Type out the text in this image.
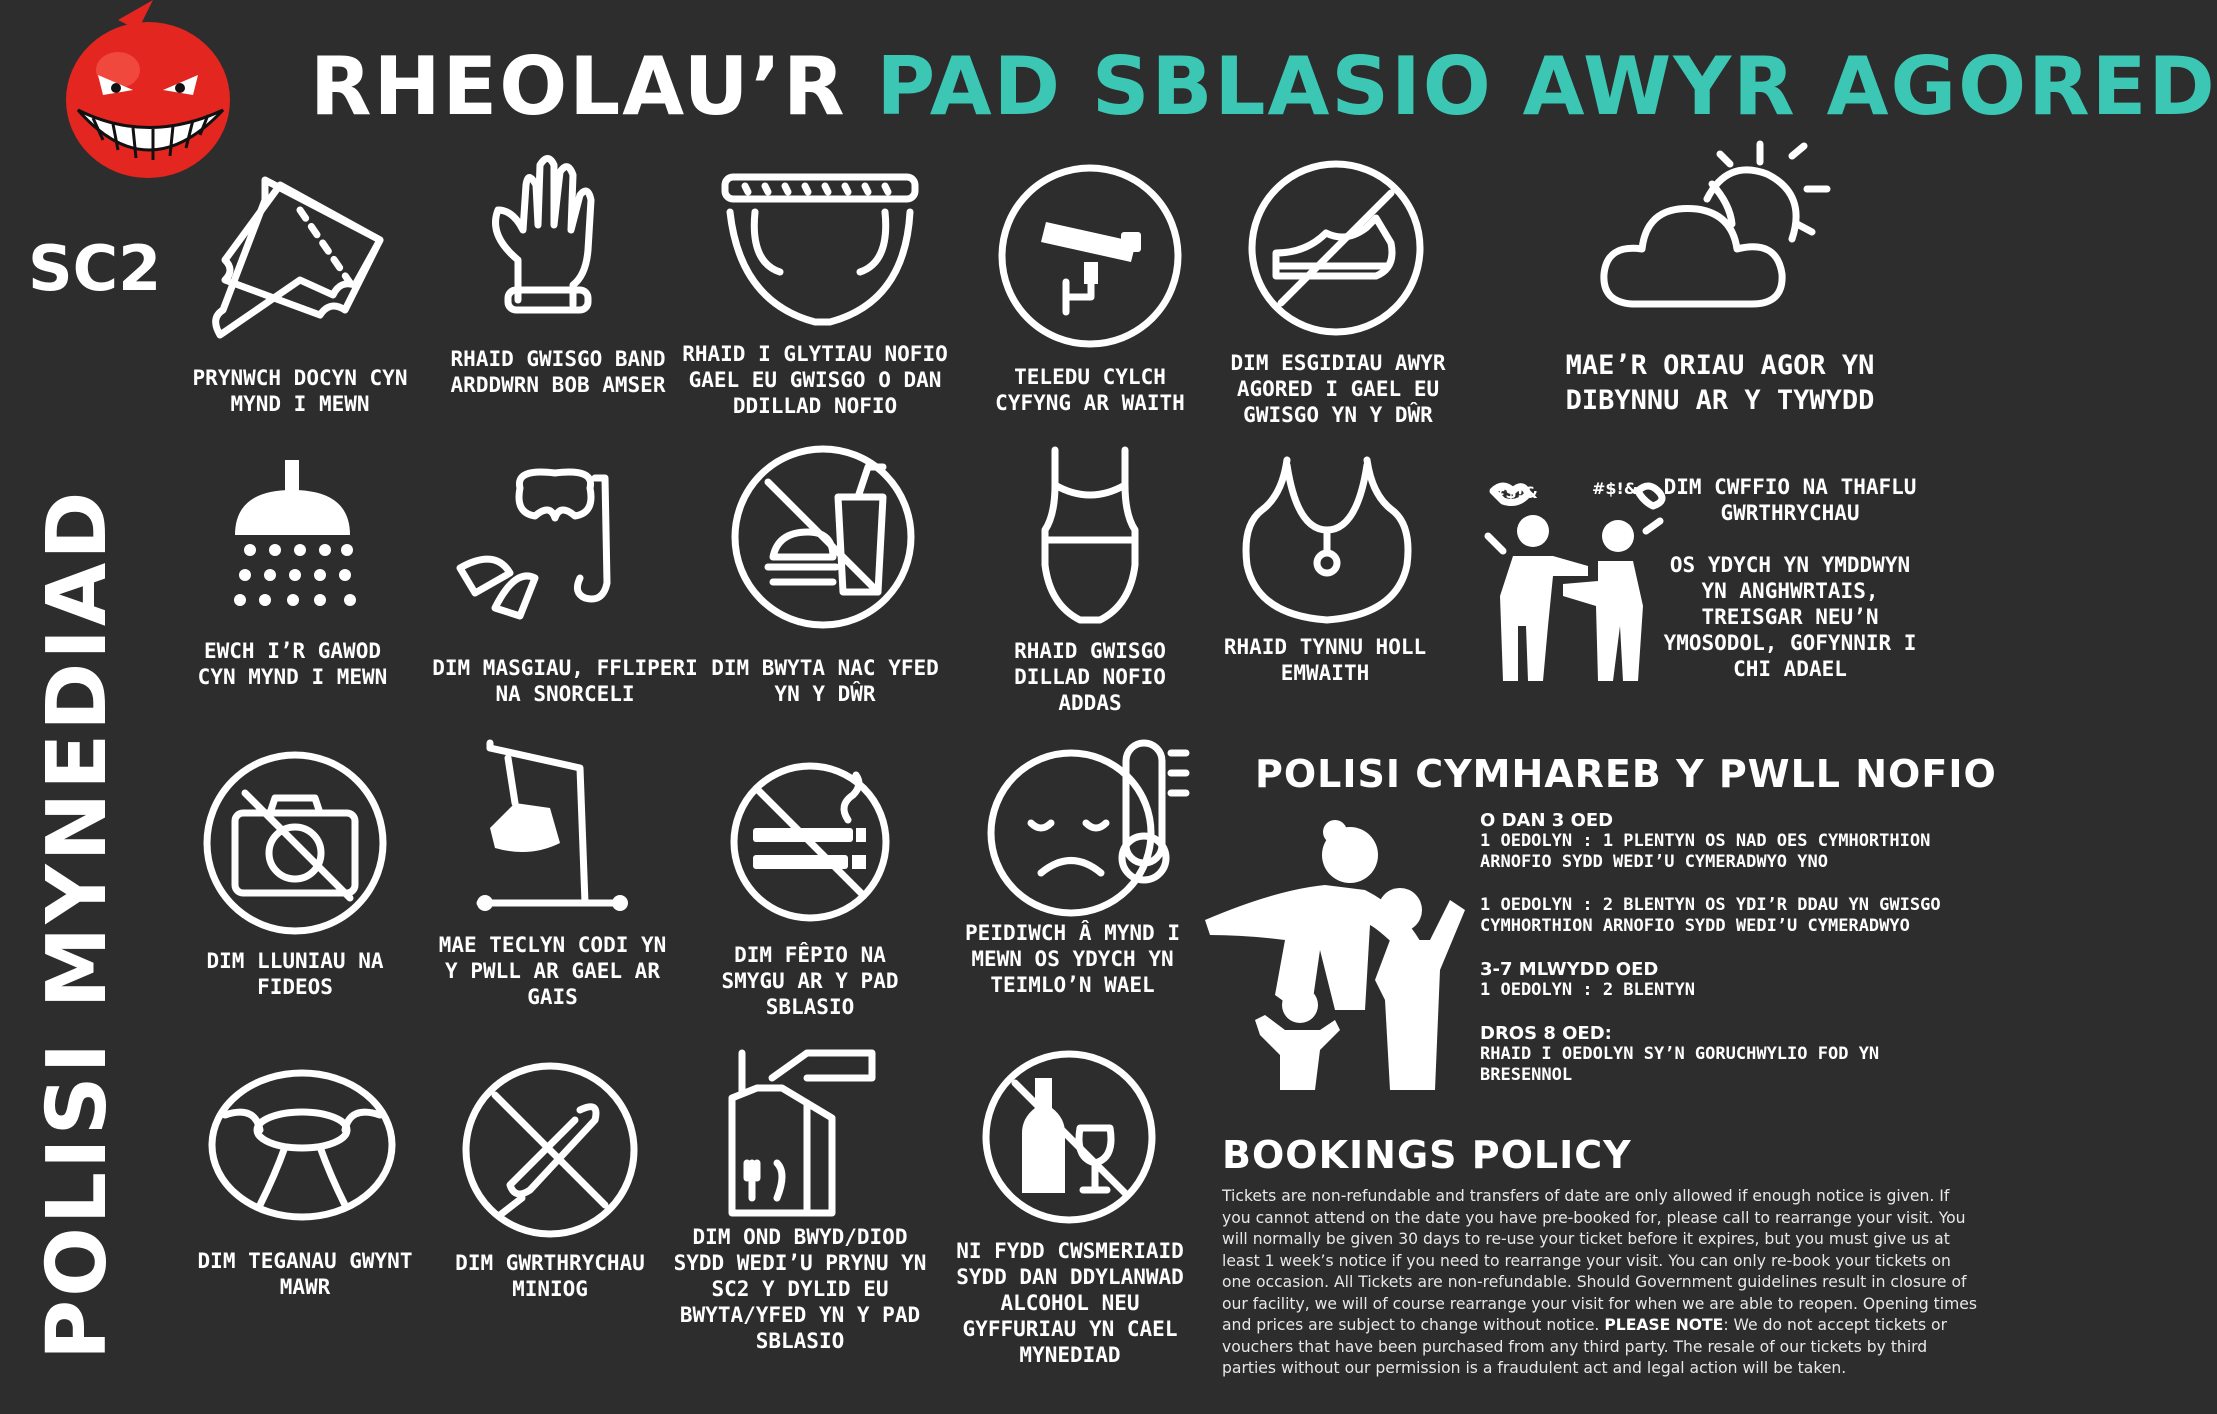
RHEOLAU’R PAD SBLASIO AWYR AGORED
SC2
POLISI MYNEDIAD
PRYNWCH DOCYN CYN MYND I MEWN
RHAID GWISGO BAND ARDDWRN BOB AMSER
RHAID I GLYTIAU NOFIO GAEL EU GWISGO O DAN DDILLAD NOFIO
TELEDU CYLCH CYFYNG AR WAITH
DIM ESGIDIAU AWYR AGORED I GAEL EU GWISGO YN Y DŴR
MAE’R ORIAU AGOR YN DIBYNNU AR Y TYWYDD
EWCH I’R GAWOD CYN MYND I MEWN	DIM MASGIAU, FFLIPERI NA SNORCELI
DIM BWYTA NAC YFED YN Y DŴR
RHAID GWISGO DILLAD NOFIO ADDAS
RHAID TYNNU HOLL EMWAITH
#$!&	#$!& DIM CWFFIO NA THAFLU GWRTHRYCHAU
OS YDYCH YN YMDDWYN YN ANGHWRTAIS, TREISGAR NEU’N YMOSODOL, GOFYNNIR I CHI ADAEL
DIM LLUNIAU NA FIDEOS
MAE TECLYN CODI YN Y PWLL AR GAEL AR GAIS
DIM FÊPIO NA SMYGU AR Y PAD SBLASIO
PEIDIWCH Â MYND I MEWN OS YDYCH YN TEIMLO’N WAEL
DIM TEGANAU GWYNT MAWR
DIM GWRTHRYCHAU MINIOG
DIM OND BWYD/DIOD SYDD WEDI’U PRYNU YN SC2 Y DYLID EU BWYTA/YFED YN Y PAD SBLASIO
NI FYDD CWSMERIAID SYDD DAN DDYLANWAD ALCOHOL NEU GYFFURIAU YN CAEL MYNEDIAD
POLISI CYMHAREB Y PWLL NOFIO
O DAN 3 OED
1 OEDOLYN : 1 PLENTYN OS NAD OES CYMHORTHION ARNOFIO SYDD WEDI’U CYMERADWYO YNO
1 OEDOLYN : 2 BLENTYN OS YDI’R DDAU YN GWISGO CYMHORTHION ARNOFIO SYDD WEDI’U CYMERADWYO
3-7 MLWYDD OED
1 OEDOLYN : 2 BLENTYN
DROS 8 OED:
RHAID I OEDOLYN SY’N GORUCHWYLIO FOD YN BRESENNOL
BOOKINGS POLICY
Tickets are non-refundable and transfers of date are only allowed if enough notice is given. If you cannot attend on the date you have pre-booked for, please call to rearrange your visit. You will normally be given 30 days to re-use your ticket before it expires, but you must give us at least 1 week’s notice if you need to rearrange your visit. You can only re-book your tickets on one occasion. All Tickets are non-refundable. Should Government guidelines result in closure of our facility, we will of course rearrange your visit for when we are able to reopen. Opening times and prices are subject to change without notice. PLEASE NOTE: We do not accept tickets or vouchers that have been purchased from any third party. The resale of our tickets by third parties without our permission is a fraudulent act and legal action will be taken.
